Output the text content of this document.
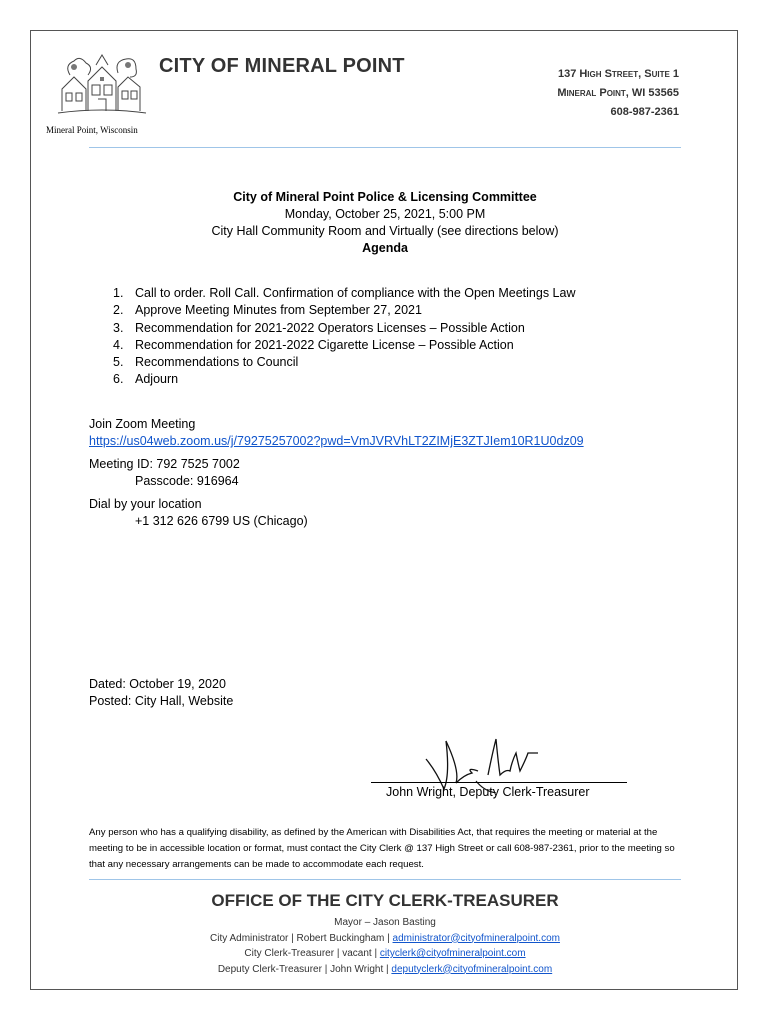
Mineral Point, Wisconsin
CITY OF MINERAL POINT	137 High Street, Suite 1
Mineral Point, WI 53565
608-987-2361
City of Mineral Point Police & Licensing Committee
Monday, October 25, 2021, 5:00 PM
City Hall Community Room and Virtually (see directions below)
Agenda
1. Call to order. Roll Call. Confirmation of compliance with the Open Meetings Law
2. Approve Meeting Minutes from September 27, 2021
3. Recommendation for 2021-2022 Operators Licenses – Possible Action
4. Recommendation for 2021-2022 Cigarette License – Possible Action
5. Recommendations to Council
6. Adjourn
Join Zoom Meeting
https://us04web.zoom.us/j/79275257002?pwd=VmJVRVhLT2ZIMjE3ZTJIem10R1U0dz09
Meeting ID: 792 7525 7002
Passcode: 916964
Dial by your location
+1 312 626 6799 US (Chicago)
Dated: October 19, 2020
Posted: City Hall, Website
John Wright, Deputy Clerk-Treasurer
Any person who has a qualifying disability, as defined by the American with Disabilities Act, that requires the meeting or material at the meeting to be in accessible location or format, must contact the City Clerk @ 137 High Street or call 608-987-2361, prior to the meeting so that any necessary arrangements can be made to accommodate each request.
OFFICE OF THE CITY CLERK-TREASURER
Mayor – Jason Basting
City Administrator | Robert Buckingham | administrator@cityofmineralpoint.com
City Clerk-Treasurer | vacant | cityclerk@cityofmineralpoint.com
Deputy Clerk-Treasurer | John Wright | deputyclerk@cityofmineralpoint.com
